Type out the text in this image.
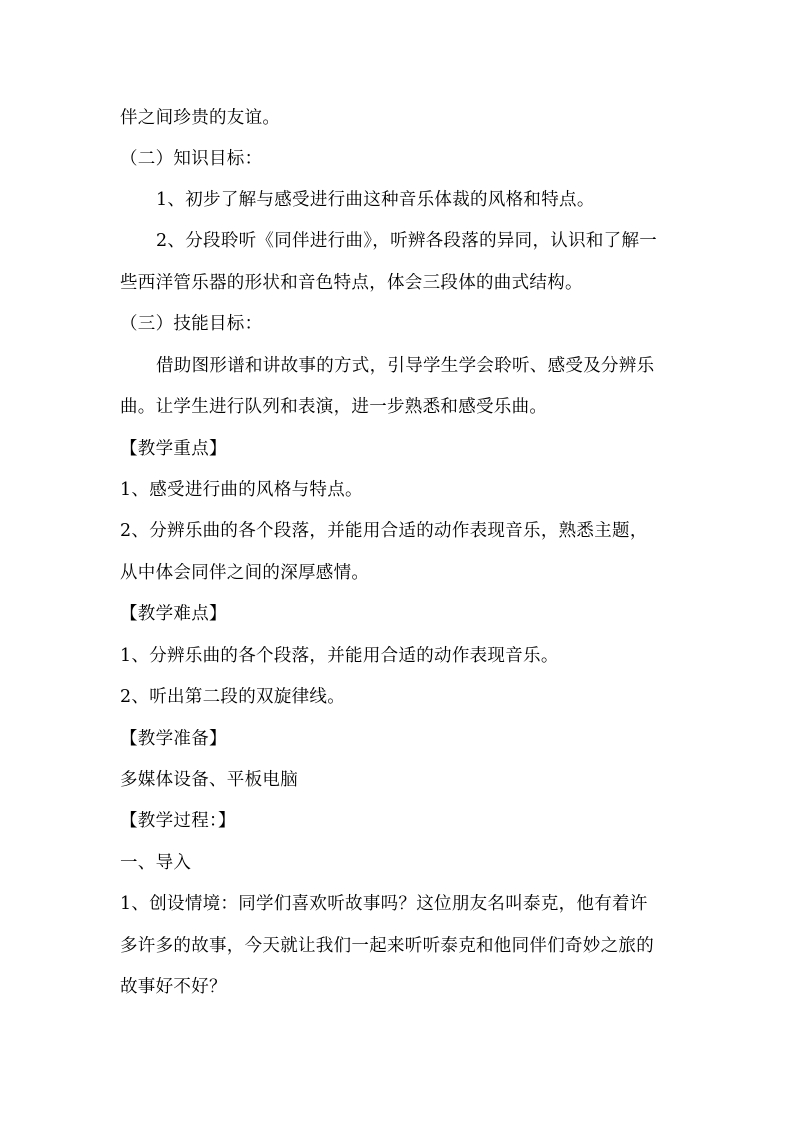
伴之间珍贵的友谊。
（二）知识目标：
1、初步了解与感受进行曲这种音乐体裁的风格和特点。
2、分段聆听《同伴进行曲》，听辨各段落的异同，认识和了解一
些西洋管乐器的形状和音色特点，体会三段体的曲式结构。
（三）技能目标：
借助图形谱和讲故事的方式，引导学生学会聆听、感受及分辨乐
曲。让学生进行队列和表演，进一步熟悉和感受乐曲。
【教学重点】
1、感受进行曲的风格与特点。
2、分辨乐曲的各个段落，并能用合适的动作表现音乐，熟悉主题，
从中体会同伴之间的深厚感情。
【教学难点】
1、分辨乐曲的各个段落，并能用合适的动作表现音乐。
2、听出第二段的双旋律线。
【教学准备】
多媒体设备、平板电脑
【教学过程：】
一、导入
1、创设情境：同学们喜欢听故事吗？这位朋友名叫泰克，他有着许
多许多的故事，今天就让我们一起来听听泰克和他同伴们奇妙之旅的
故事好不好？
